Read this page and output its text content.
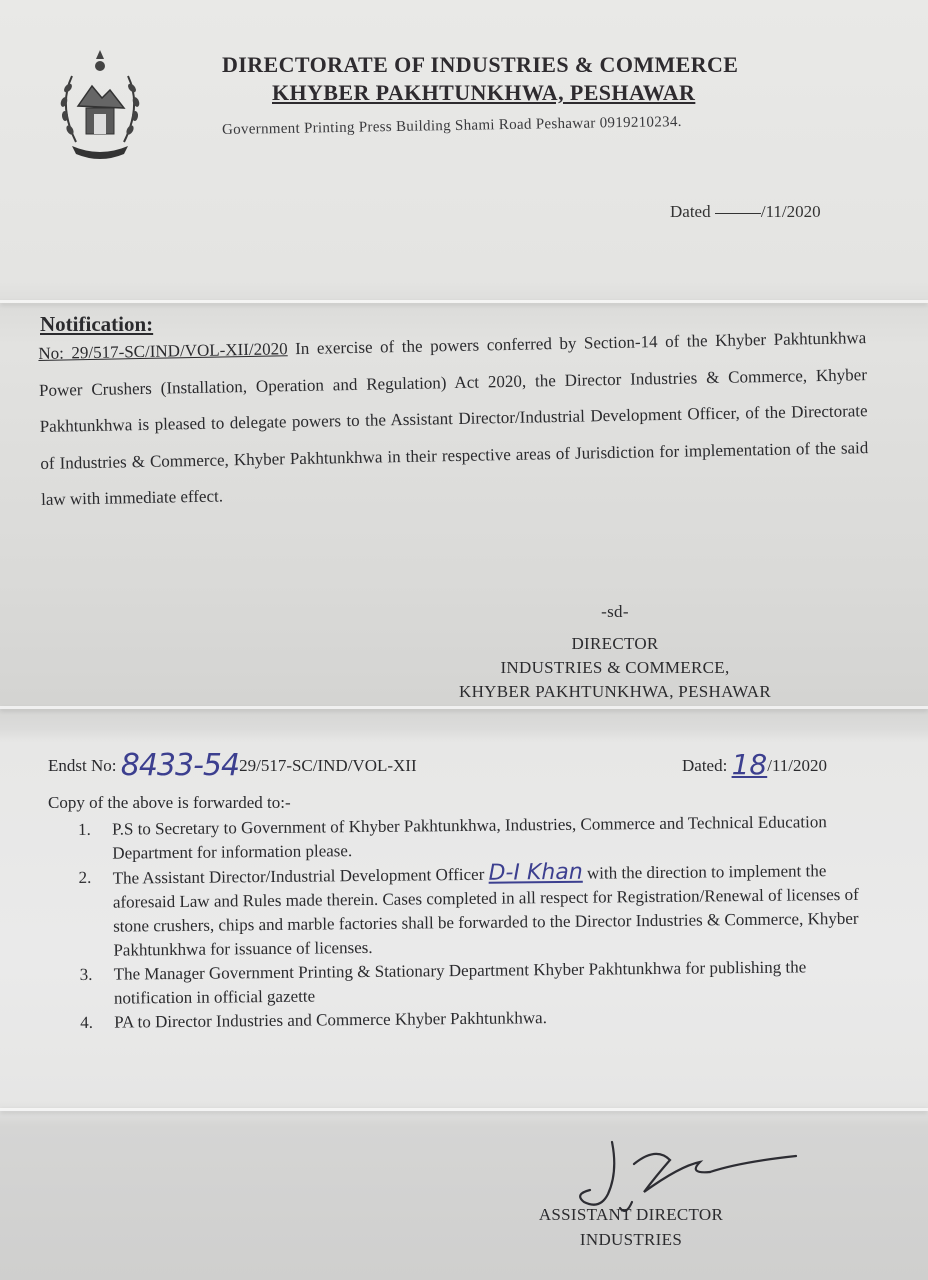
DIRECTORATE OF INDUSTRIES & COMMERCE
KHYBER PAKHTUNKHWA, PESHAWAR
Government Printing Press Building Shami Road Peshawar 0919210234.
Dated	/11/2020
Notification:
No: 29/517-SC/IND/VOL-XII/2020 In exercise of the powers conferred by Section-14 of the Khyber Pakhtunkhwa Power Crushers (Installation, Operation and Regulation) Act 2020, the Director Industries & Commerce, Khyber Pakhtunkhwa is pleased to delegate powers to the Assistant Director/Industrial Development Officer, of the Directorate of Industries & Commerce, Khyber Pakhtunkhwa in their respective areas of Jurisdiction for implementation of the said law with immediate effect.
-sd-
DIRECTOR
INDUSTRIES & COMMERCE,
KHYBER PAKHTUNKHWA, PESHAWAR
Endst No: 8433-5429/517-SC/IND/VOL-XII	Dated: 18/11/2020
Copy of the above is forwarded to:-
1.	P.S to Secretary to Government of Khyber Pakhtunkhwa, Industries, Commerce and Technical Education Department for information please.
2.	The Assistant Director/Industrial Development Officer D-I Khan with the direction to implement the aforesaid Law and Rules made therein. Cases completed in all respect for Registration/Renewal of licenses of stone crushers, chips and marble factories shall be forwarded to the Director Industries & Commerce, Khyber Pakhtunkhwa for issuance of licenses.
3.	The Manager Government Printing & Stationary Department Khyber Pakhtunkhwa for publishing the notification in official gazette
4.	PA to Director Industries and Commerce Khyber Pakhtunkhwa.
ASSISTANT DIRECTOR
INDUSTRIES
